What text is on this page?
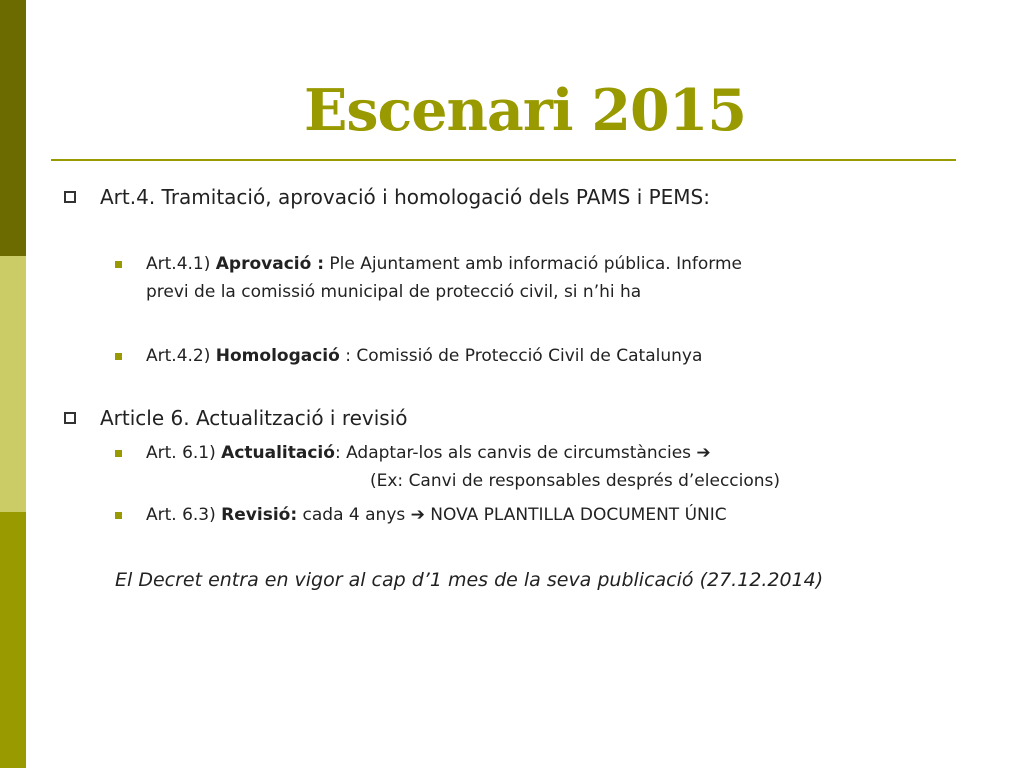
Escenari 2015
Art.4. Tramitació, aprovació i homologació dels PAMS i PEMS:
Art.4.1) Aprovació : Ple Ajuntament amb informació pública. Informe
previ de la comissió municipal de protecció civil, si n’hi ha
Art.4.2) Homologació : Comissió de Protecció Civil de Catalunya
Article 6. Actualització i revisió
Art. 6.1) Actualitació: Adaptar-los als canvis de circumstàncies ➔
(Ex: Canvi de responsables després d’eleccions)
Art. 6.3) Revisió: cada 4 anys ➔ NOVA PLANTILLA DOCUMENT ÚNIC
El Decret entra en vigor al cap d’1 mes de la seva publicació (27.12.2014)
